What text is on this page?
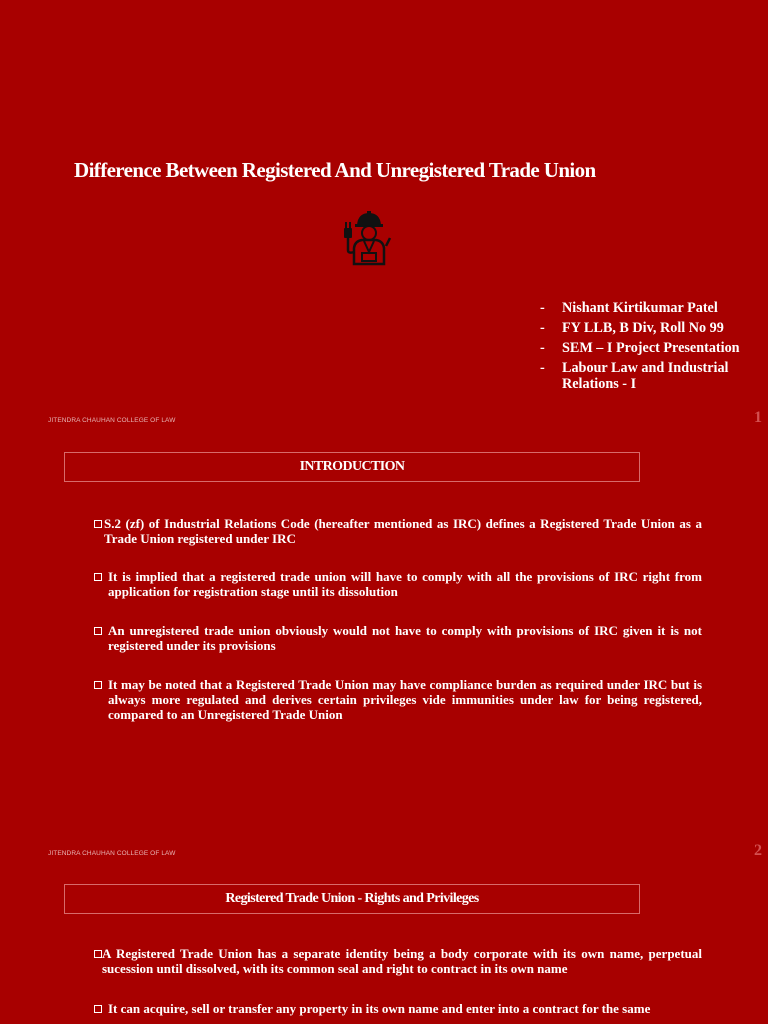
Difference Between Registered And Unregistered Trade Union
- Nishant Kirtikumar Patel
- FY LLB, B Div, Roll No 99
- SEM – I Project Presentation
- Labour Law and Industrial Relations - I
JITENDRA CHAUHAN COLLEGE OF LAW	1
INTRODUCTION
S.2 (zf) of Industrial Relations Code (hereafter mentioned as IRC) defines a Registered Trade Union as a Trade Union registered under IRC
It is implied that a registered trade union will have to comply with all the provisions of IRC right from application for registration stage until its dissolution
An unregistered trade union obviously would not have to comply with provisions of IRC given it is not registered under its provisions
It may be noted that a Registered Trade Union may have compliance burden as required under IRC but is always more regulated and derives certain privileges vide immunities under law for being registered, compared to an Unregistered Trade Union
JITENDRA CHAUHAN COLLEGE OF LAW	2
Registered Trade Union - Rights and Privileges
A Registered Trade Union has a separate identity being a body corporate with its own name, perpetual sucession until dissolved, with its common seal and right to contract in its own name
It can acquire, sell or transfer any property in its own name and enter into a contract for the same
